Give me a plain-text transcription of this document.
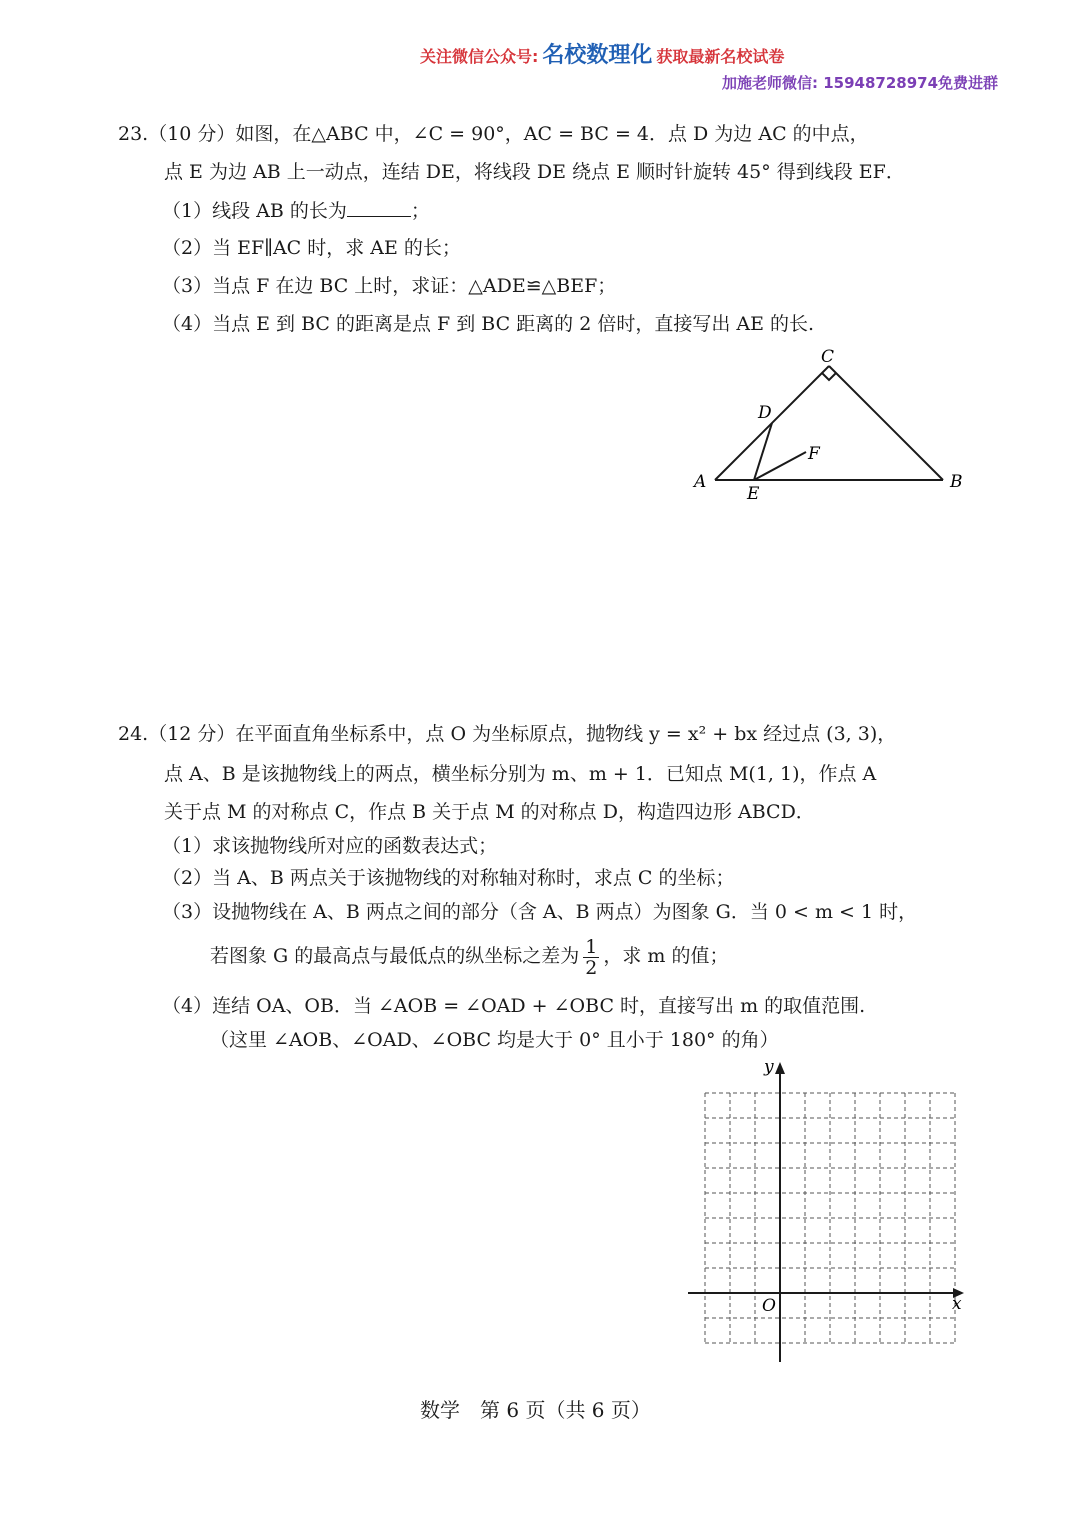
关注微信公众号: 名校数理化 获取最新名校试卷
加施老师微信: 15948728974免费进群
23.（10 分）如图，在△ABC 中，∠C = 90°，AC = BC = 4．点 D 为边 AC 的中点，
点 E 为边 AB 上一动点，连结 DE，将线段 DE 绕点 E 顺时针旋转 45° 得到线段 EF．
（1）线段 AB 的长为	；
（2）当 EF∥AC 时，求 AE 的长；
（3）当点 F 在边 BC 上时，求证：△ADE≌△BEF；
（4）当点 E 到 BC 的距离是点 F 到 BC 距离的 2 倍时，直接写出 AE 的长.
C
D
F
A
E
B
24.（12 分）在平面直角坐标系中，点 O 为坐标原点，抛物线 y = x² + bx 经过点 (3, 3)，
点 A、B 是该抛物线上的两点，横坐标分别为 m、m + 1．已知点 M(1, 1)，作点 A
关于点 M 的对称点 C，作点 B 关于点 M 的对称点 D，构造四边形 ABCD．
（1）求该抛物线所对应的函数表达式；
（2）当 A、B 两点关于该抛物线的对称轴对称时，求点 C 的坐标；
（3）设抛物线在 A、B 两点之间的部分（含 A、B 两点）为图象 G．当 0 < m < 1 时，
若图象 G 的最高点与最低点的纵坐标之差为 $\frac{1}{2}$ ，求 m 的值；
（4）连结 OA、OB．当 ∠AOB = ∠OAD + ∠OBC 时，直接写出 m 的取值范围.
（这里 ∠AOB、∠OAD、∠OBC 均是大于 0° 且小于 180° 的角）
y
x
O
数学　第 6 页（共 6 页）
